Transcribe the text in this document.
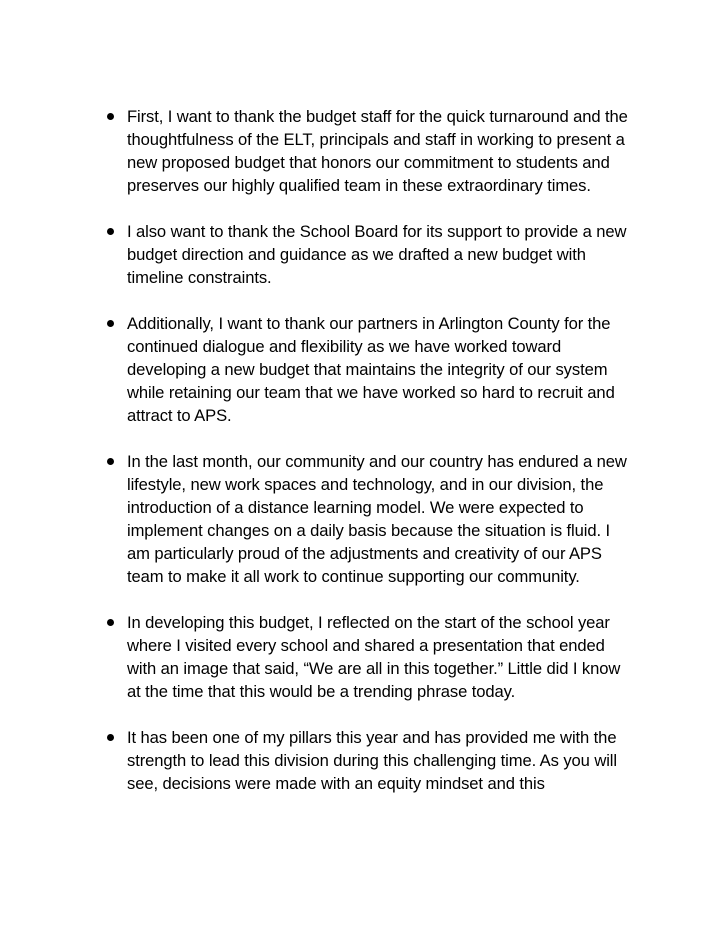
First, I want to thank the budget staff for the quick turnaround and the thoughtfulness of the ELT, principals and staff in working to present a new proposed budget that honors our commitment to students and preserves our highly qualified team in these extraordinary times.
I also want to thank the School Board for its support to provide a new budget direction and guidance as we drafted a new budget with timeline constraints.
Additionally, I want to thank our partners in Arlington County for the continued dialogue and flexibility as we have worked toward developing a new budget that maintains the integrity of our system while retaining our team that we have worked so hard to recruit and attract to APS.
In the last month, our community and our country has endured a new lifestyle, new work spaces and technology, and in our division, the introduction of a distance learning model. We were expected to implement changes on a daily basis because the situation is fluid. I am particularly proud of the adjustments and creativity of our APS team to make it all work to continue supporting our community.
In developing this budget, I reflected on the start of the school year where I visited every school and shared a presentation that ended with an image that said, “We are all in this together.” Little did I know at the time that this would be a trending phrase today.
It has been one of my pillars this year and has provided me with the strength to lead this division during this challenging time. As you will see, decisions were made with an equity mindset and this
